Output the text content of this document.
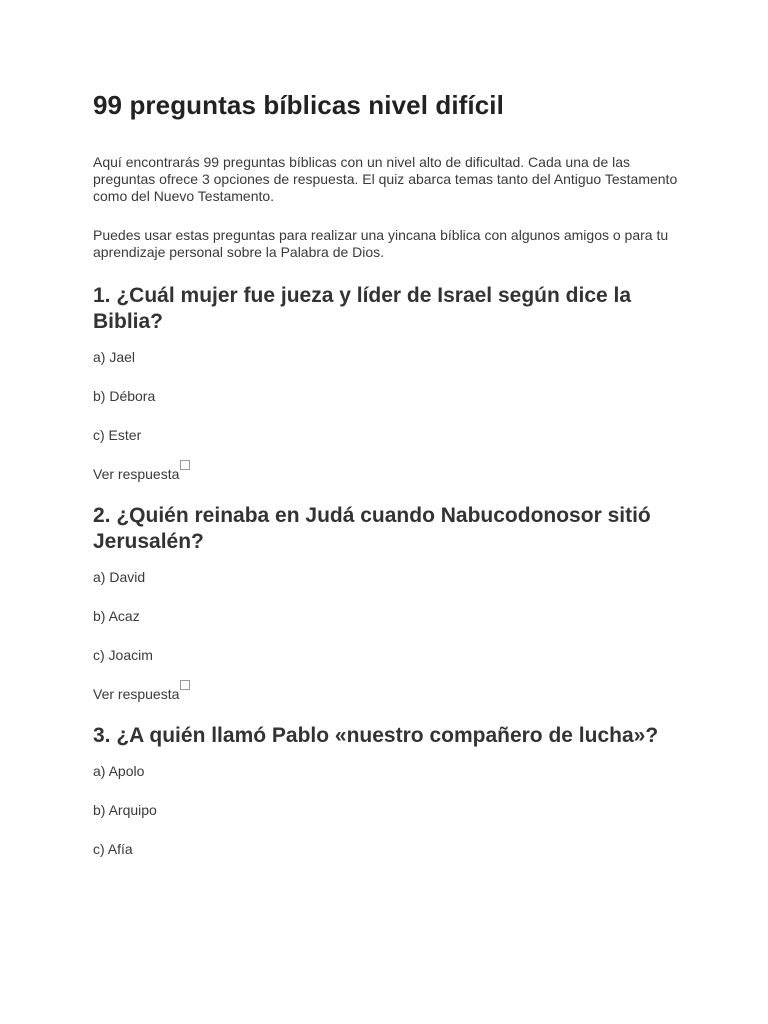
99 preguntas bíblicas nivel difícil

Aquí encontrarás 99 preguntas bíblicas con un nivel alto de dificultad. Cada una de las preguntas ofrece 3 opciones de respuesta. El quiz abarca temas tanto del Antiguo Testamento como del Nuevo Testamento.

Puedes usar estas preguntas para realizar una yincana bíblica con algunos amigos o para tu aprendizaje personal sobre la Palabra de Dios.

1. ¿Cuál mujer fue jueza y líder de Israel según dice la Biblia?

a) Jael

b) Débora

c) Ester

Ver respuesta
2. ¿Quién reinaba en Judá cuando Nabucodonosor sitió Jerusalén?

a) David

b) Acaz

c) Joacim

Ver respuesta
3. ¿A quién llamó Pablo «nuestro compañero de lucha»?

a) Apolo

b) Arquipo

c) Afía
